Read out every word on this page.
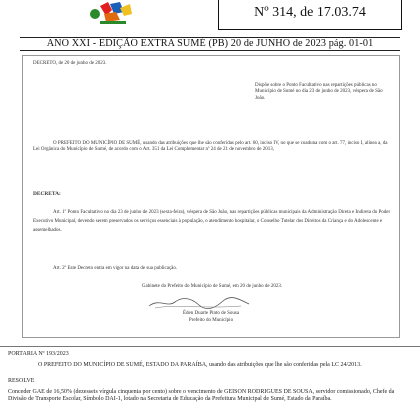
Nº 314, de 17.03.74
ANO XXI - EDIÇÃO EXTRA SUMÉ (PB) 20 de JUNHO de 2023 pág. 01-01
DECRETO, de 20 de junho de 2023.
Dispõe sobre o Ponto Facultativo nas repartições públicas no Município de Sumé no dia 23 de junho de 2023, véspera de São João.
O PREFEITO DO MUNICÍPIO DE SUMÉ, usando das atribuições que lhe são conferidas pelo art. 60, inciso IV, no que se coaduna com o art. 77, inciso I, alínea a, da Lei Orgânica do Município de Sumé, de acordo com o Art. 351 da Lei Complementar nº 24 de 21 de novembro de 2013,
DECRETA:
Art. 1º Ponto Facultativo no dia 23 de junho de 2023 (sexta-feira), véspera de São João, nas repartições públicas municipais da Administração Direta e Indireta do Poder Executivo Municipal, devendo serem preservados os serviços essenciais à população, o atendimento hospitalar, o Conselho Tutelar dos Direitos da Criança e do Adolescente e assemelhados.
Art. 2º Este Decreto entra em vigor na data de sua publicação.
Gabinete do Prefeito do Município de Sumé, em 20 de junho de 2023.
Éden Duarte Pinto de Sousa
Prefeito do Município
PORTARIA Nº 193/2023
O PREFEITO DO MUNICÍPIO DE SUMÉ, ESTADO DA PARAÍBA, usando das atribuições que lhe são conferidas pela LC 24/2013.
RESOLVE
Conceder GAE de 16,50% (dezesseis vírgula cinquenta por cento) sobre o vencimento de GEISON RODRIGUES DE SOUSA, servidor comissionado, Chefe da Divisão de Transporte Escolar, Símbolo DAI-1, lotado na Secretaria de Educação da Prefeitura Municipal de Sumé, Estado da Paraíba.
